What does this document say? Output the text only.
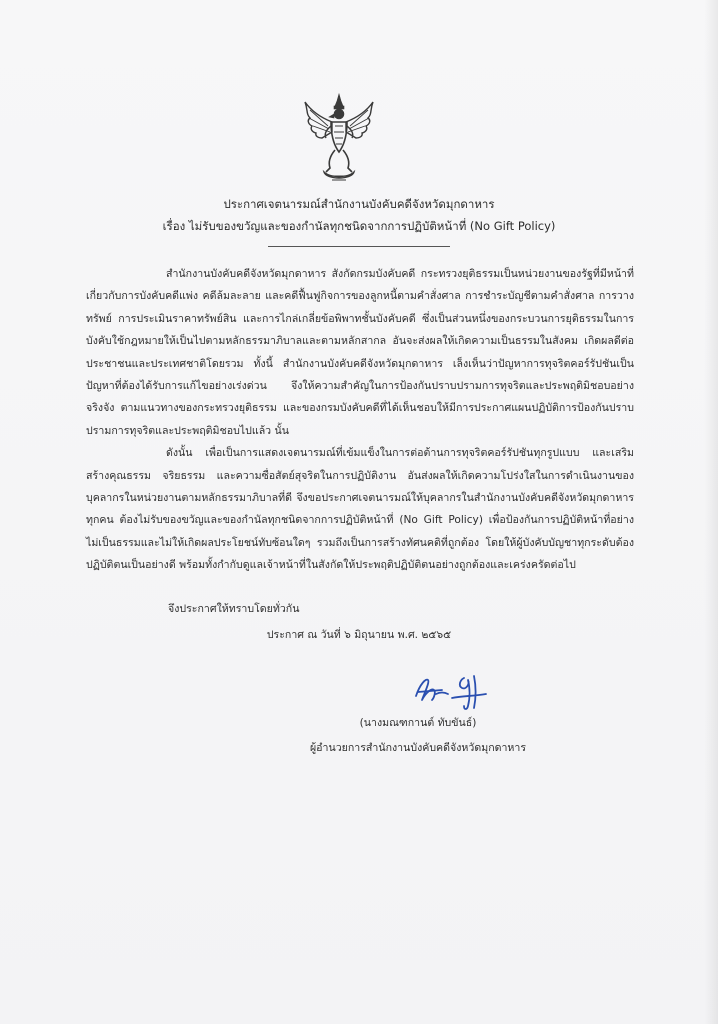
ประกาศเจตนารมณ์สำนักงานบังคับคดีจังหวัดมุกดาหาร
เรื่อง ไม่รับของขวัญและของกำนัลทุกชนิดจากการปฏิบัติหน้าที่ (No Gift Policy)

สำนักงานบังคับคดีจังหวัดมุกดาหาร สังกัดกรมบังคับคดี กระทรวงยุติธรรมเป็นหน่วยงานของรัฐที่มีหน้าที่เกี่ยวกับการบังคับคดีแพ่ง คดีล้มละลาย และคดีฟื้นฟูกิจการของลูกหนี้ตามคำสั่งศาล การชำระบัญชีตามคำสั่งศาล การวางทรัพย์ การประเมินราคาทรัพย์สิน และการไกล่เกลี่ยข้อพิพาทชั้นบังคับคดี ซึ่งเป็นส่วนหนึ่งของกระบวนการยุติธรรมในการบังคับใช้กฎหมายให้เป็นไปตามหลักธรรมาภิบาลและตามหลักสากล อันจะส่งผลให้เกิดความเป็นธรรมในสังคม เกิดผลดีต่อประชาชนและประเทศชาติโดยรวม ทั้งนี้ สำนักงานบังคับคดีจังหวัดมุกดาหาร เล็งเห็นว่าปัญหาการทุจริตคอร์รัปชันเป็นปัญหาที่ต้องได้รับการแก้ไขอย่างเร่งด่วน จึงให้ความสำคัญในการป้องกันปราบปรามการทุจริตและประพฤติมิชอบอย่างจริงจัง ตามแนวทางของกระทรวงยุติธรรม และของกรมบังคับคดีที่ได้เห็นชอบให้มีการประกาศแผนปฏิบัติการป้องกันปราบปรามการทุจริตและประพฤติมิชอบไปแล้ว นั้น

ดังนั้น เพื่อเป็นการแสดงเจตนารมณ์ที่เข้มแข็งในการต่อต้านการทุจริตคอร์รัปชันทุกรูปแบบ และเสริมสร้างคุณธรรม จริยธรรม และความซื่อสัตย์สุจริตในการปฏิบัติงาน อันส่งผลให้เกิดความโปร่งใสในการดำเนินงานของบุคลากรในหน่วยงานตามหลักธรรมาภิบาลที่ดี จึงขอประกาศเจตนารมณ์ให้บุคลากรในสำนักงานบังคับคดีจังหวัดมุกดาหารทุกคน ต้องไม่รับของขวัญและของกำนัลทุกชนิดจากการปฏิบัติหน้าที่ (No Gift Policy) เพื่อป้องกันการปฏิบัติหน้าที่อย่างไม่เป็นธรรมและไม่ให้เกิดผลประโยชน์ทับซ้อนใดๆ รวมถึงเป็นการสร้างทัศนคติที่ถูกต้อง โดยให้ผู้บังคับบัญชาทุกระดับต้องปฏิบัติตนเป็นอย่างดี พร้อมทั้งกำกับดูแลเจ้าหน้าที่ในสังกัดให้ประพฤติปฏิบัติตนอย่างถูกต้องและเคร่งครัดต่อไป

จึงประกาศให้ทราบโดยทั่วกัน
ประกาศ ณ วันที่ ๖ มิถุนายน พ.ศ. ๒๕๖๕
(นางมณฑกานต์ ทับขันธ์)
ผู้อำนวยการสำนักงานบังคับคดีจังหวัดมุกดาหาร
